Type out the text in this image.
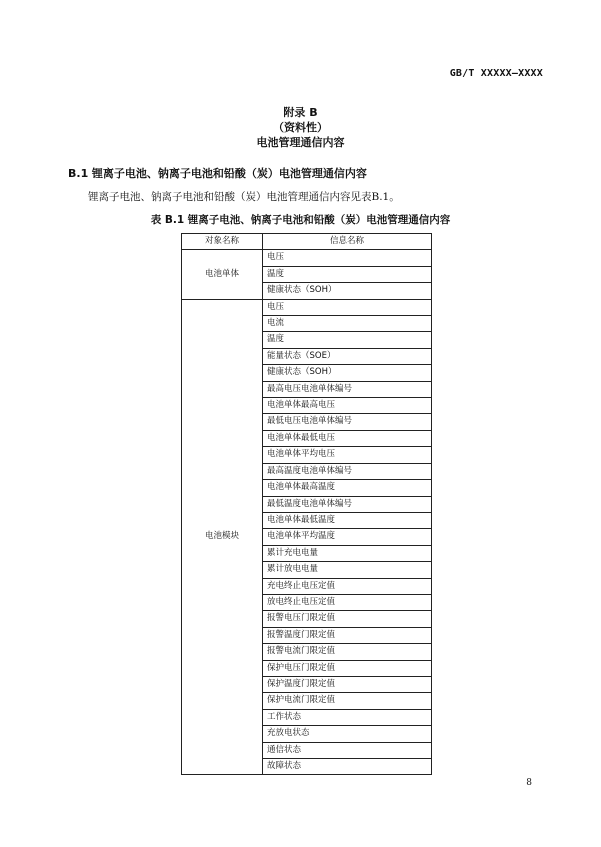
GB/T XXXXX—XXXX
附录 B
（资料性）
电池管理通信内容
B.1 锂离子电池、钠离子电池和铅酸（炭）电池管理通信内容
锂离子电池、钠离子电池和铅酸（炭）电池管理通信内容见表B.1。
表 B.1 锂离子电池、钠离子电池和铅酸（炭）电池管理通信内容
对象名称	信息名称
电池单体	电压
	温度
	健康状态（SOH）
电池模块	电压
	电流
	温度
	能量状态（SOE）
	健康状态（SOH）
	最高电压电池单体编号
	电池单体最高电压
	最低电压电池单体编号
	电池单体最低电压
	电池单体平均电压
	最高温度电池单体编号
	电池单体最高温度
	最低温度电池单体编号
	电池单体最低温度
	电池单体平均温度
	累计充电电量
	累计放电电量
	充电终止电压定值
	放电终止电压定值
	报警电压门限定值
	报警温度门限定值
	报警电流门限定值
	保护电压门限定值
	保护温度门限定值
	保护电流门限定值
	工作状态
	充放电状态
	通信状态
	故障状态
8
